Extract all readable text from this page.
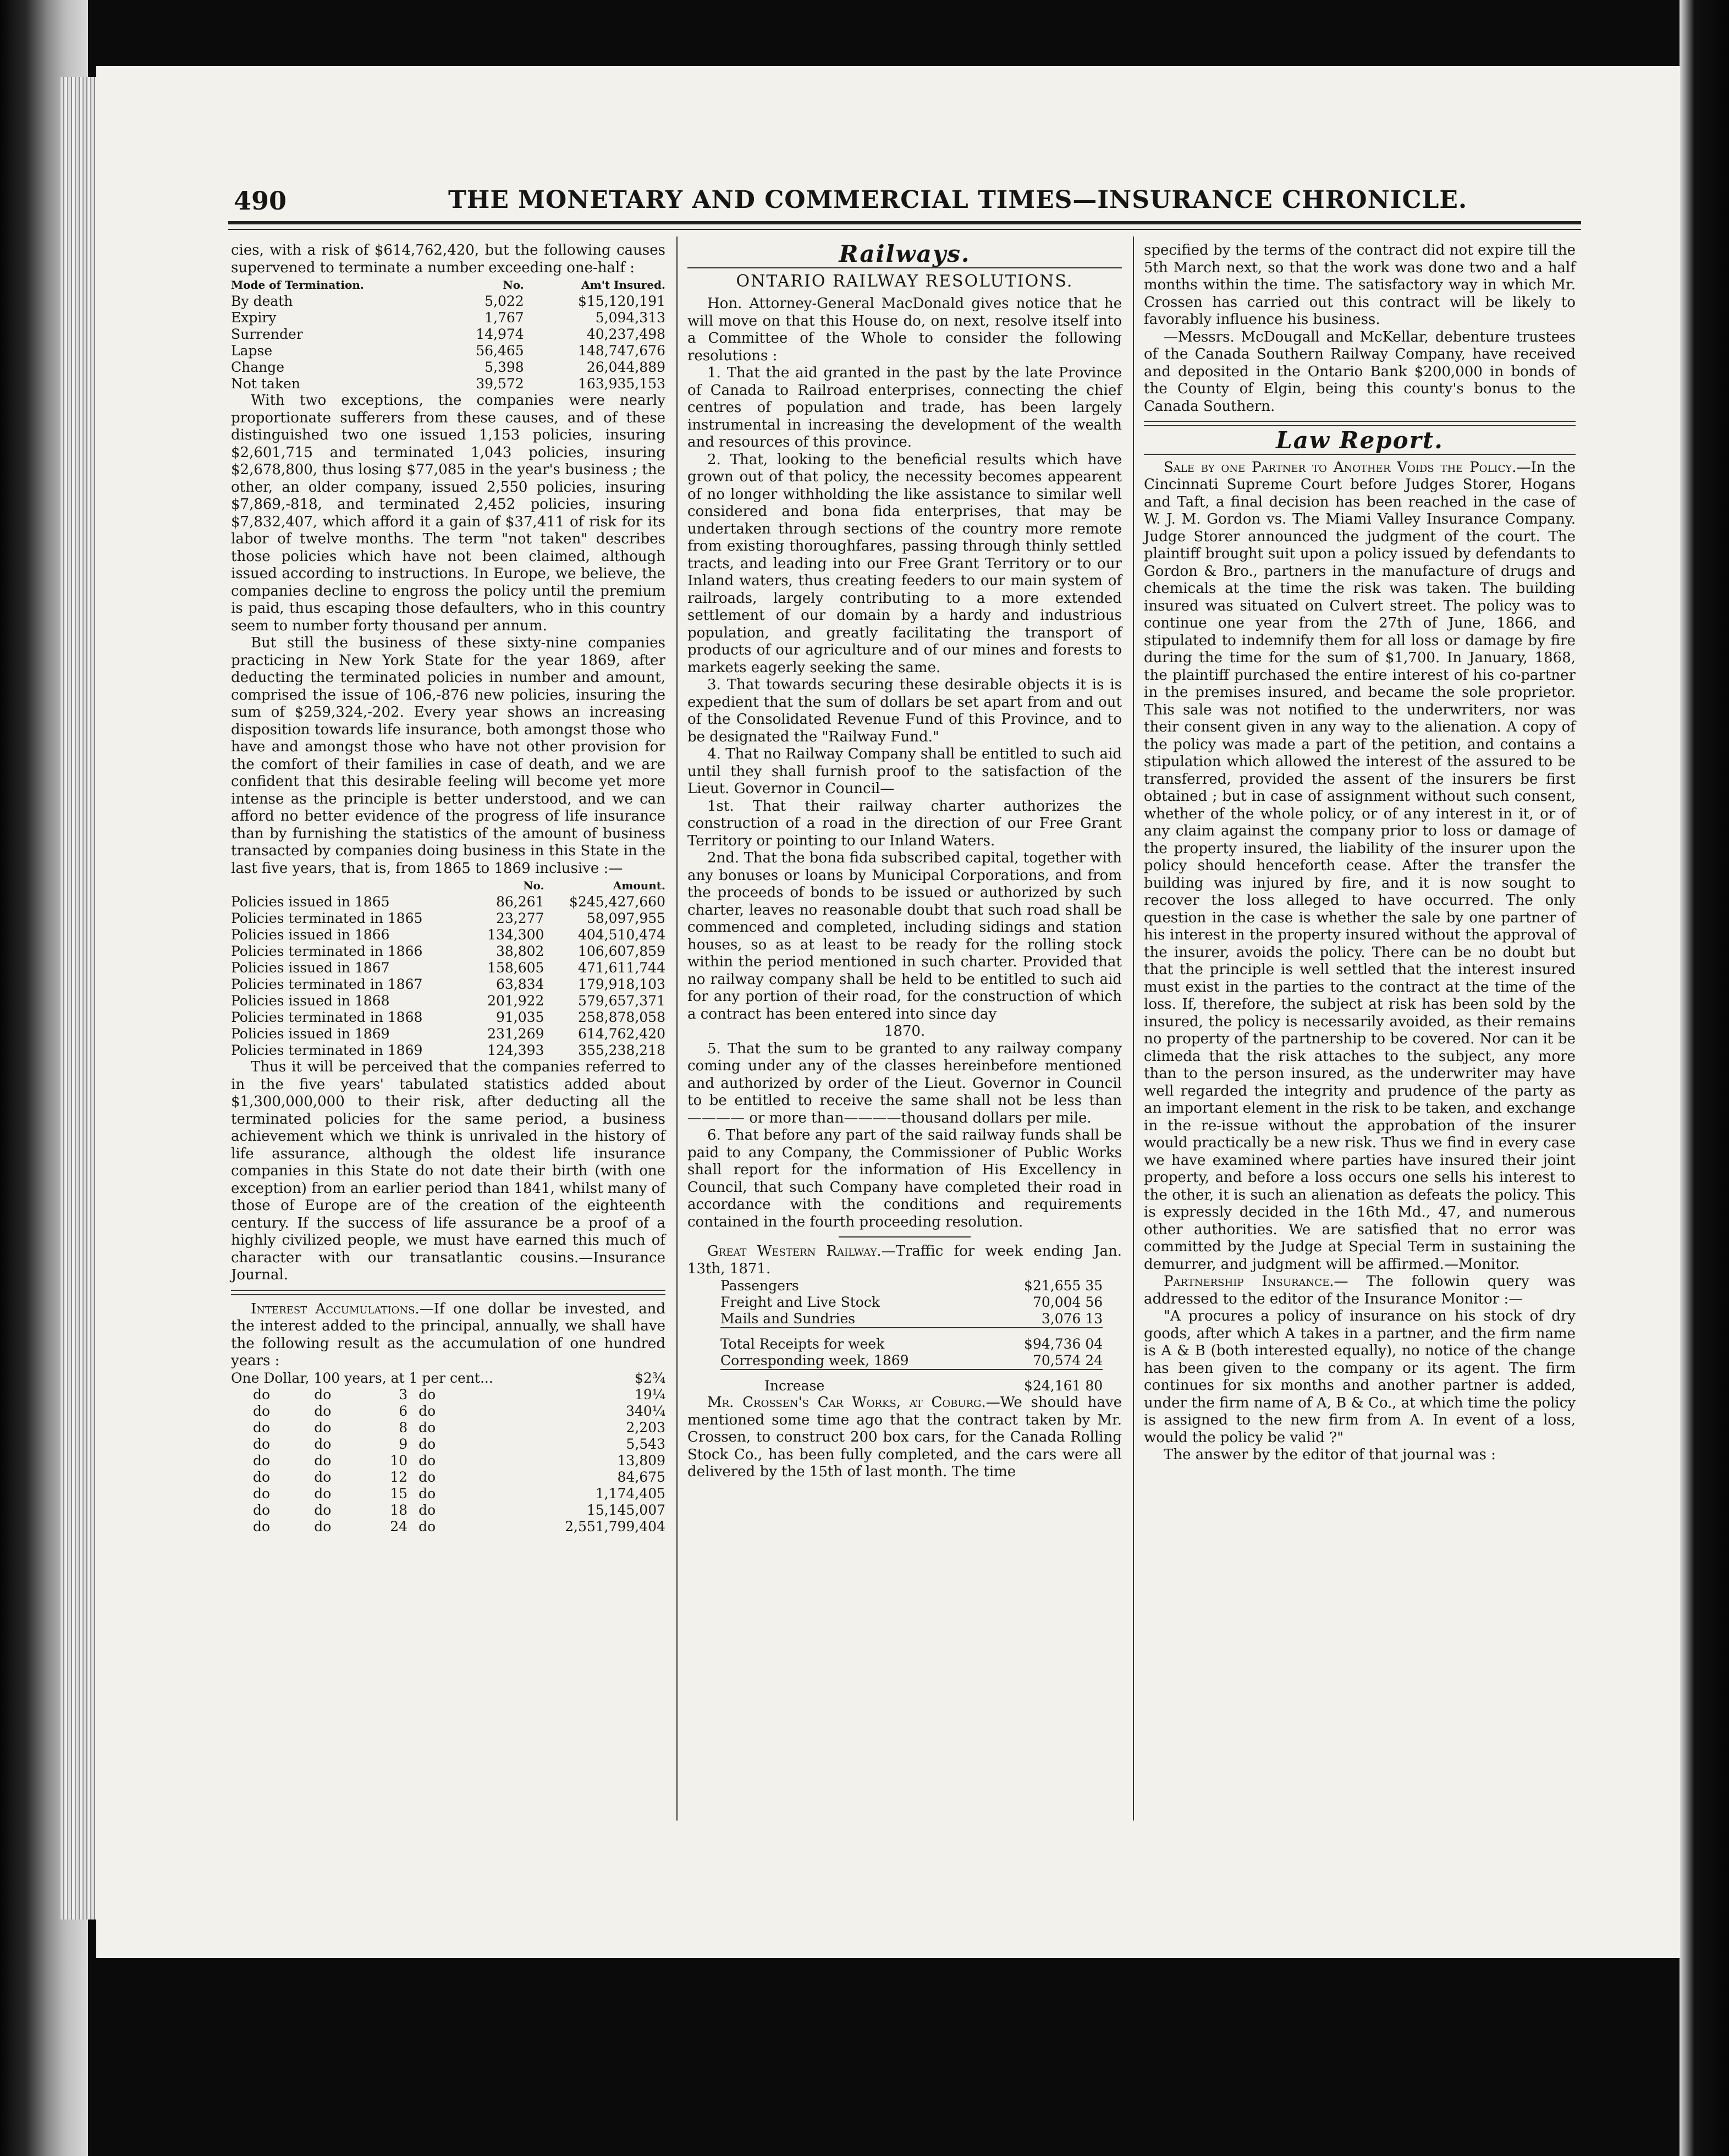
490	THE MONETARY AND COMMERCIAL TIMES—INSURANCE CHRONICLE.

cies, with a risk of $614,762,420, but the following causes supervened to terminate a number exceeding one-half :

Mode of Termination.	No.	Am't Insured.
By death	5,022	$15,120,191
Expiry	1,767	5,094,313
Surrender	14,974	40,237,498
Lapse	56,465	148,747,676
Change	5,398	26,044,889
Not taken	39,572	163,935,153

With two exceptions, the companies were nearly proportionate sufferers from these causes, and of these distinguished two one issued 1,153 policies, insuring $2,601,715 and terminated 1,043 policies, insuring $2,678,800, thus losing $77,085 in the year's business ; the other, an older company, issued 2,550 policies, insuring $7,869,-818, and terminated 2,452 policies, insuring $7,832,407, which afford it a gain of $37,411 of risk for its labor of twelve months. The term "not taken" describes those policies which have not been claimed, although issued according to instructions. In Europe, we believe, the companies decline to engross the policy until the premium is paid, thus escaping those defaulters, who in this country seem to number forty thousand per annum.

But still the business of these sixty-nine companies practicing in New York State for the year 1869, after deducting the terminated policies in number and amount, comprised the issue of 106,-876 new policies, insuring the sum of $259,324,-202. Every year shows an increasing disposition towards life insurance, both amongst those who have and amongst those who have not other provision for the comfort of their families in case of death, and we are confident that this desirable feeling will become yet more intense as the principle is better understood, and we can afford no better evidence of the progress of life insurance than by furnishing the statistics of the amount of business transacted by companies doing business in this State in the last five years, that is, from 1865 to 1869 inclusive :—

	No.	Amount.
Policies issued in 1865	86,261	$245,427,660
Policies terminated in 1865	23,277	58,097,955
Policies issued in 1866	134,300	404,510,474
Policies terminated in 1866	38,802	106,607,859
Policies issued in 1867	158,605	471,611,744
Policies terminated in 1867	63,834	179,918,103
Policies issued in 1868	201,922	579,657,371
Policies terminated in 1868	91,035	258,878,058
Policies issued in 1869	231,269	614,762,420
Policies terminated in 1869	124,393	355,238,218

Thus it will be perceived that the companies referred to in the five years' tabulated statistics added about $1,300,000,000 to their risk, after deducting all the terminated policies for the same period, a business achievement which we think is unrivaled in the history of life assurance, although the oldest life insurance companies in this State do not date their birth (with one exception) from an earlier period than 1841, whilst many of those of Europe are of the creation of the eighteenth century. If the success of life assurance be a proof of a highly civilized people, we must have earned this much of character with our transatlantic cousins.—Insurance Journal.

Interest Accumulations.—If one dollar be invested, and the interest added to the principal, annually, we shall have the following result as the accumulation of one hundred years :

One Dollar, 100 years, at 1 per cent...	$2¾
do	do	3	do	19¼
do	do	6	do	340¼
do	do	8	do	2,203
do	do	9	do	5,543
do	do	10	do	13,809
do	do	12	do	84,675
do	do	15	do	1,174,405
do	do	18	do	15,145,007
do	do	24	do	2,551,799,404
Railways.
ONTARIO RAILWAY RESOLUTIONS.

Hon. Attorney-General MacDonald gives notice that he will move on that this House do, on next, resolve itself into a Committee of the Whole to consider the following resolutions :

1. That the aid granted in the past by the late Province of Canada to Railroad enterprises, connecting the chief centres of population and trade, has been largely instrumental in increasing the development of the wealth and resources of this province.

2. That, looking to the beneficial results which have grown out of that policy, the necessity becomes appearent of no longer withholding the like assistance to similar well considered and bona fida enterprises, that may be undertaken through sections of the country more remote from existing thoroughfares, passing through thinly settled tracts, and leading into our Free Grant Territory or to our Inland waters, thus creating feeders to our main system of railroads, largely contributing to a more extended settlement of our domain by a hardy and industrious population, and greatly facilitating the transport of products of our agriculture and of our mines and forests to markets eagerly seeking the same.

3. That towards securing these desirable objects it is is expedient that the sum of dollars be set apart from and out of the Consolidated Revenue Fund of this Province, and to be designated the "Railway Fund."

4. That no Railway Company shall be entitled to such aid until they shall furnish proof to the satisfaction of the Lieut. Governor in Council—

1st. That their railway charter authorizes the construction of a road in the direction of our Free Grant Territory or pointing to our Inland Waters.

2nd. That the bona fida subscribed capital, together with any bonuses or loans by Municipal Corporations, and from the proceeds of bonds to be issued or authorized by such charter, leaves no reasonable doubt that such road shall be commenced and completed, including sidings and station houses, so as at least to be ready for the rolling stock within the period mentioned in such charter. Provided that no railway company shall be held to be entitled to such aid for any portion of their road, for the construction of which a contract has been entered into since day

1870.

5. That the sum to be granted to any railway company coming under any of the classes hereinbefore mentioned and authorized by order of the Lieut. Governor in Council to be entitled to receive the same shall not be less than———— or more than————thousand dollars per mile.

6. That before any part of the said railway funds shall be paid to any Company, the Commissioner of Public Works shall report for the information of His Excellency in Council, that such Company have completed their road in accordance with the conditions and requirements contained in the fourth proceeding resolution.

Great Western Railway.—Traffic for week ending Jan. 13th, 1871.

Passengers	$21,655 35
Freight and Live Stock	70,004 56
Mails and Sundries	3,076 13
Total Receipts for week	$94,736 04
Corresponding week, 1869	70,574 24
Increase	$24,161 80

Mr. Crossen's Car Works, at Coburg.—We should have mentioned some time ago that the contract taken by Mr. Crossen, to construct 200 box cars, for the Canada Rolling Stock Co., has been fully completed, and the cars were all delivered by the 15th of last month. The time

specified by the terms of the contract did not expire till the 5th March next, so that the work was done two and a half months within the time. The satisfactory way in which Mr. Crossen has carried out this contract will be likely to favorably influence his business.

—Messrs. McDougall and McKellar, debenture trustees of the Canada Southern Railway Company, have received and deposited in the Ontario Bank $200,000 in bonds of the County of Elgin, being this county's bonus to the Canada Southern.

Law Report.

Sale by one Partner to Another Voids the Policy.—In the Cincinnati Supreme Court before Judges Storer, Hogans and Taft, a final decision has been reached in the case of W. J. M. Gordon vs. The Miami Valley Insurance Company. Judge Storer announced the judgment of the court. The plaintiff brought suit upon a policy issued by defendants to Gordon & Bro., partners in the manufacture of drugs and chemicals at the time the risk was taken. The building insured was situated on Culvert street. The policy was to continue one year from the 27th of June, 1866, and stipulated to indemnify them for all loss or damage by fire during the time for the sum of $1,700. In January, 1868, the plaintiff purchased the entire interest of his co-partner in the premises insured, and became the sole proprietor. This sale was not notified to the underwriters, nor was their consent given in any way to the alienation. A copy of the policy was made a part of the petition, and contains a stipulation which allowed the interest of the assured to be transferred, provided the assent of the insurers be first obtained ; but in case of assignment without such consent, whether of the whole policy, or of any interest in it, or of any claim against the company prior to loss or damage of the property insured, the liability of the insurer upon the policy should henceforth cease. After the transfer the building was injured by fire, and it is now sought to recover the loss alleged to have occurred. The only question in the case is whether the sale by one partner of his interest in the property insured without the approval of the insurer, avoids the policy. There can be no doubt but that the principle is well settled that the interest insured must exist in the parties to the contract at the time of the loss. If, therefore, the subject at risk has been sold by the insured, the policy is necessarily avoided, as their remains no property of the partnership to be covered. Nor can it be climeda that the risk attaches to the subject, any more than to the person insured, as the underwriter may have well regarded the integrity and prudence of the party as an important element in the risk to be taken, and exchange in the re-issue without the approbation of the insurer would practically be a new risk. Thus we find in every case we have examined where parties have insured their joint property, and before a loss occurs one sells his interest to the other, it is such an alienation as defeats the policy. This is expressly decided in the 16th Md., 47, and numerous other authorities. We are satisfied that no error was committed by the Judge at Special Term in sustaining the demurrer, and judgment will be affirmed.—Monitor.

Partnership Insurance.— The followin query was addressed to the editor of the Insurance Monitor :—

"A procures a policy of insurance on his stock of dry goods, after which A takes in a partner, and the firm name is A & B (both interested equally), no notice of the change has been given to the company or its agent. The firm continues for six months and another partner is added, under the firm name of A, B & Co., at which time the policy is assigned to the new firm from A. In event of a loss, would the policy be valid ?"

The answer by the editor of that journal was :
